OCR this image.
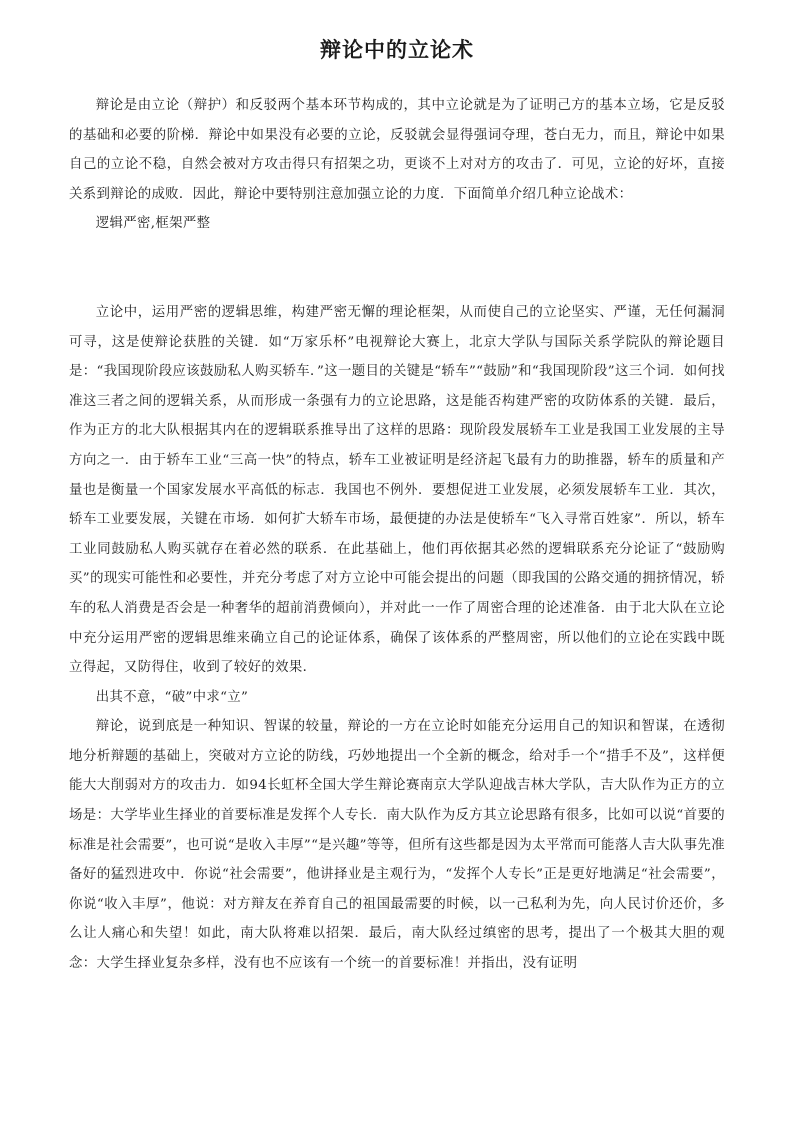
辩论中的立论术

辩论是由立论（辩护）和反驳两个基本环节构成的，其中立论就是为了证明己方的基本立场，它是反驳的基础和必要的阶梯．辩论中如果没有必要的立论，反驳就会显得强词夺理，苍白无力，而且，辩论中如果自己的立论不稳，自然会被对方攻击得只有招架之功，更谈不上对对方的攻击了．可见，立论的好坏，直接关系到辩论的成败．因此，辩论中要特别注意加强立论的力度．下面简单介绍几种立论战术：

逻辑严密,框架严整

立论中，运用严密的逻辑思维，构建严密无懈的理论框架，从而使自己的立论坚实、严谨，无任何漏洞可寻，这是使辩论获胜的关键．如“万家乐杯”电视辩论大赛上，北京大学队与国际关系学院队的辩论题目是：“我国现阶段应该鼓励私人购买轿车．”这一题目的关键是“轿车”“鼓励”和“我国现阶段”这三个词．如何找准这三者之间的逻辑关系，从而形成一条强有力的立论思路，这是能否构建严密的攻防体系的关键．最后，作为正方的北大队根据其内在的逻辑联系推导出了这样的思路：现阶段发展轿车工业是我国工业发展的主导方向之一．由于轿车工业“三高一快”的特点，轿车工业被证明是经济起飞最有力的助推器，轿车的质量和产量也是衡量一个国家发展水平高低的标志．我国也不例外．要想促进工业发展，必须发展轿车工业．其次，轿车工业要发展，关键在市场．如何扩大轿车市场，最便捷的办法是使轿车“飞入寻常百姓家”．所以，轿车工业同鼓励私人购买就存在着必然的联系．在此基础上，他们再依据其必然的逻辑联系充分论证了“鼓励购买”的现实可能性和必要性，并充分考虑了对方立论中可能会提出的问题（即我国的公路交通的拥挤情况，轿车的私人消费是否会是一种奢华的超前消费倾向），并对此一一作了周密合理的论述准备．由于北大队在立论中充分运用严密的逻辑思维来确立自己的论证体系，确保了该体系的严整周密，所以他们的立论在实践中既立得起，又防得住，收到了较好的效果．

出其不意，“破”中求“立”

辩论，说到底是一种知识、智谋的较量，辩论的一方在立论时如能充分运用自己的知识和智谋，在透彻地分析辩题的基础上，突破对方立论的防线，巧妙地提出一个全新的概念，给对手一个“措手不及”，这样便能大大削弱对方的攻击力．如94长虹杯全国大学生辩论赛南京大学队迎战吉林大学队，吉大队作为正方的立场是：大学毕业生择业的首要标准是发挥个人专长．南大队作为反方其立论思路有很多，比如可以说“首要的标准是社会需要”，也可说“是收入丰厚”“是兴趣”等等，但所有这些都是因为太平常而可能落人吉大队事先准备好的猛烈进攻中．你说“社会需要”，他讲择业是主观行为，“发挥个人专长”正是更好地满足“社会需要”，你说“收入丰厚”，他说：对方辩友在养育自己的祖国最需要的时候，以一己私利为先，向人民讨价还价，多么让人痛心和失望！如此，南大队将难以招架．最后，南大队经过缜密的思考，提出了一个极其大胆的观念：大学生择业复杂多样，没有也不应该有一个统一的首要标准！并指出，没有证明
